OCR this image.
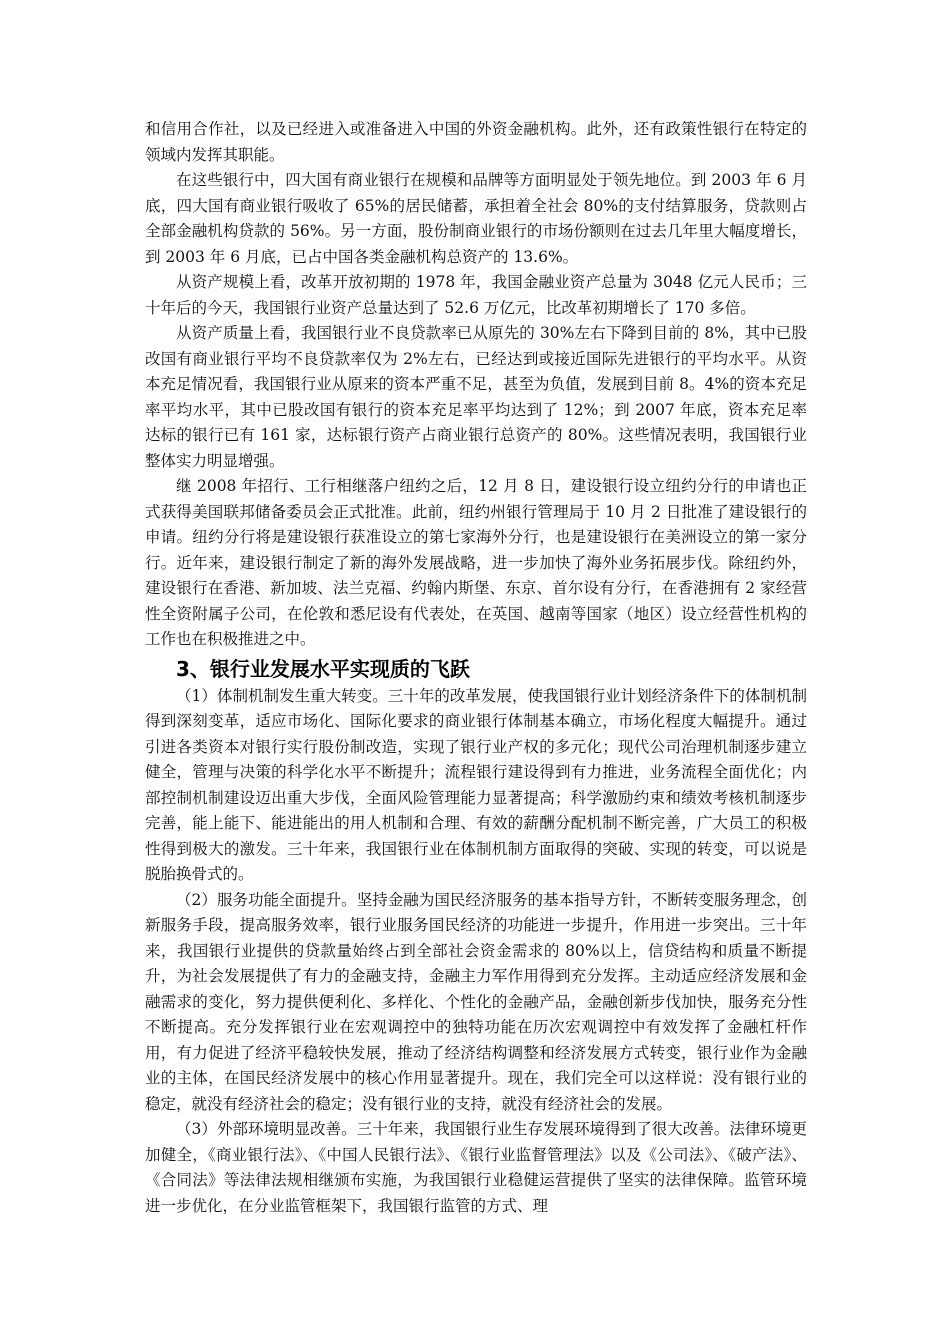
和信用合作社，以及已经进入或准备进入中国的外资金融机构。此外，还有政策性银行在特定的领域内发挥其职能。

在这些银行中，四大国有商业银行在规模和品牌等方面明显处于领先地位。到 2003 年 6 月底，四大国有商业银行吸收了 65%的居民储蓄，承担着全社会 80%的支付结算服务，贷款则占全部金融机构贷款的 56%。另一方面，股份制商业银行的市场份额则在过去几年里大幅度增长，到 2003 年 6 月底，已占中国各类金融机构总资产的 13.6%。

从资产规模上看，改革开放初期的 1978 年，我国金融业资产总量为 3048 亿元人民币；三十年后的今天，我国银行业资产总量达到了 52.6 万亿元，比改革初期增长了 170 多倍。

从资产质量上看，我国银行业不良贷款率已从原先的 30%左右下降到目前的 8%，其中已股改国有商业银行平均不良贷款率仅为 2%左右，已经达到或接近国际先进银行的平均水平。从资本充足情况看，我国银行业从原来的资本严重不足，甚至为负值，发展到目前 8。4%的资本充足率平均水平，其中已股改国有银行的资本充足率平均达到了 12%；到 2007 年底，资本充足率达标的银行已有 161 家，达标银行资产占商业银行总资产的 80%。这些情况表明，我国银行业整体实力明显增强。

继 2008 年招行、工行相继落户纽约之后，12 月 8 日，建设银行设立纽约分行的申请也正式获得美国联邦储备委员会正式批准。此前，纽约州银行管理局于 10 月 2 日批准了建设银行的申请。纽约分行将是建设银行获准设立的第七家海外分行，也是建设银行在美洲设立的第一家分行。近年来，建设银行制定了新的海外发展战略，进一步加快了海外业务拓展步伐。除纽约外，建设银行在香港、新加坡、法兰克福、约翰内斯堡、东京、首尔设有分行，在香港拥有 2 家经营性全资附属子公司，在伦敦和悉尼设有代表处，在英国、越南等国家（地区）设立经营性机构的工作也在积极推进之中。

3、银行业发展水平实现质的飞跃

（1）体制机制发生重大转变。三十年的改革发展，使我国银行业计划经济条件下的体制机制得到深刻变革，适应市场化、国际化要求的商业银行体制基本确立，市场化程度大幅提升。通过引进各类资本对银行实行股份制改造，实现了银行业产权的多元化；现代公司治理机制逐步建立健全，管理与决策的科学化水平不断提升；流程银行建设得到有力推进，业务流程全面优化；内部控制机制建设迈出重大步伐，全面风险管理能力显著提高；科学激励约束和绩效考核机制逐步完善，能上能下、能进能出的用人机制和合理、有效的薪酬分配机制不断完善，广大员工的积极性得到极大的激发。三十年来，我国银行业在体制机制方面取得的突破、实现的转变，可以说是脱胎换骨式的。

（2）服务功能全面提升。坚持金融为国民经济服务的基本指导方针，不断转变服务理念，创新服务手段，提高服务效率，银行业服务国民经济的功能进一步提升，作用进一步突出。三十年来，我国银行业提供的贷款量始终占到全部社会资金需求的 80%以上，信贷结构和质量不断提升，为社会发展提供了有力的金融支持，金融主力军作用得到充分发挥。主动适应经济发展和金融需求的变化，努力提供便利化、多样化、个性化的金融产品，金融创新步伐加快，服务充分性不断提高。充分发挥银行业在宏观调控中的独特功能在历次宏观调控中有效发挥了金融杠杆作用，有力促进了经济平稳较快发展，推动了经济结构调整和经济发展方式转变，银行业作为金融业的主体，在国民经济发展中的核心作用显著提升。现在，我们完全可以这样说：没有银行业的稳定，就没有经济社会的稳定；没有银行业的支持，就没有经济社会的发展。

（3）外部环境明显改善。三十年来，我国银行业生存发展环境得到了很大改善。法律环境更加健全，《商业银行法》、《中国人民银行法》、《银行业监督管理法》以及《公司法》、《破产法》、《合同法》等法律法规相继颁布实施，为我国银行业稳健运营提供了坚实的法律保障。监管环境进一步优化，在分业监管框架下，我国银行监管的方式、理
